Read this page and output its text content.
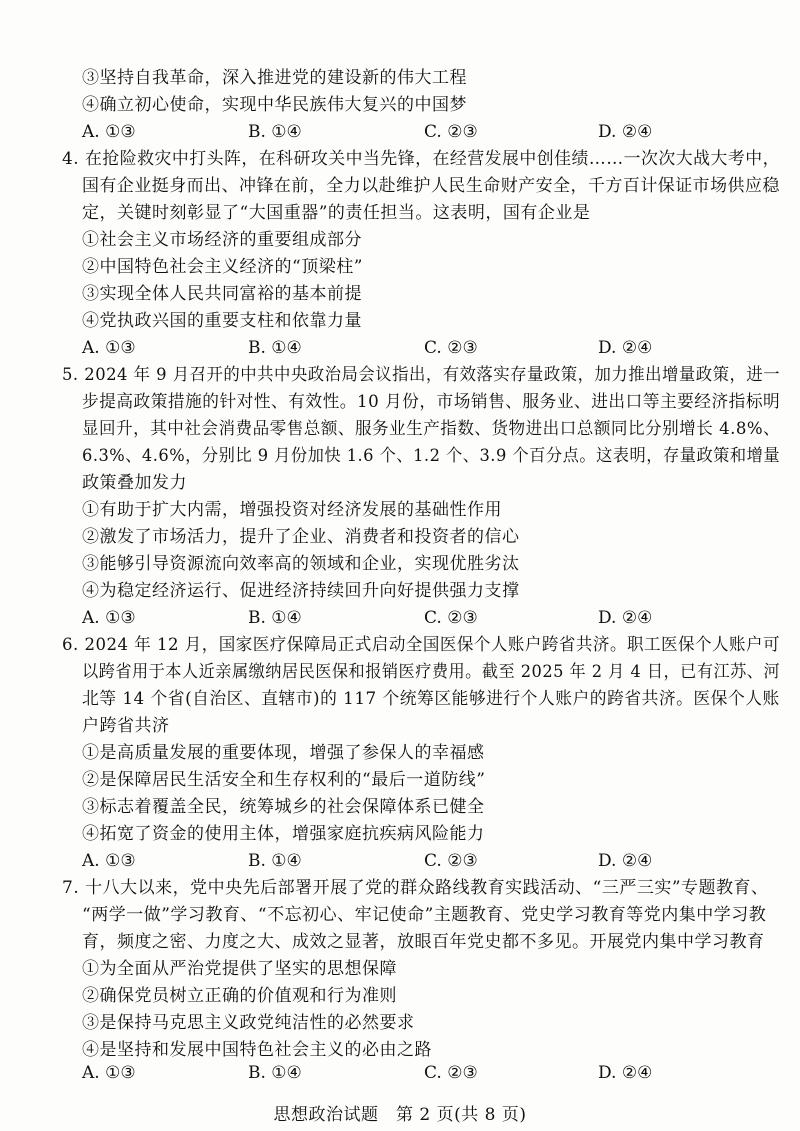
③坚持自我革命，深入推进党的建设新的伟大工程
④确立初心使命，实现中华民族伟大复兴的中国梦
A. ①③	B. ①④	C. ②③	D. ②④
4. 在抢险救灾中打头阵，在科研攻关中当先锋，在经营发展中创佳绩……一次次大战大考中，
国有企业挺身而出、冲锋在前，全力以赴维护人民生命财产安全，千方百计保证市场供应稳
定，关键时刻彰显了“大国重器”的责任担当。这表明，国有企业是
①社会主义市场经济的重要组成部分
②中国特色社会主义经济的“顶梁柱”
③实现全体人民共同富裕的基本前提
④党执政兴国的重要支柱和依靠力量
A. ①③	B. ①④	C. ②③	D. ②④
5. 2024 年 9 月召开的中共中央政治局会议指出，有效落实存量政策，加力推出增量政策，进一
步提高政策措施的针对性、有效性。10 月份，市场销售、服务业、进出口等主要经济指标明
显回升，其中社会消费品零售总额、服务业生产指数、货物进出口总额同比分别增长 4.8%、
6.3%、4.6%，分别比 9 月份加快 1.6 个、1.2 个、3.9 个百分点。这表明，存量政策和增量
政策叠加发力
①有助于扩大内需，增强投资对经济发展的基础性作用
②激发了市场活力，提升了企业、消费者和投资者的信心
③能够引导资源流向效率高的领域和企业，实现优胜劣汰
④为稳定经济运行、促进经济持续回升向好提供强力支撑
A. ①③	B. ①④	C. ②③	D. ②④
6. 2024 年 12 月，国家医疗保障局正式启动全国医保个人账户跨省共济。职工医保个人账户可
以跨省用于本人近亲属缴纳居民医保和报销医疗费用。截至 2025 年 2 月 4 日，已有江苏、河
北等 14 个省(自治区、直辖市)的 117 个统筹区能够进行个人账户的跨省共济。医保个人账
户跨省共济
①是高质量发展的重要体现，增强了参保人的幸福感
②是保障居民生活安全和生存权利的“最后一道防线”
③标志着覆盖全民，统筹城乡的社会保障体系已健全
④拓宽了资金的使用主体，增强家庭抗疾病风险能力
A. ①③	B. ①④	C. ②③	D. ②④
7. 十八大以来，党中央先后部署开展了党的群众路线教育实践活动、“三严三实”专题教育、
“两学一做”学习教育、“不忘初心、牢记使命”主题教育、党史学习教育等党内集中学习教
育，频度之密、力度之大、成效之显著，放眼百年党史都不多见。开展党内集中学习教育
①为全面从严治党提供了坚实的思想保障
②确保党员树立正确的价值观和行为准则
③是保持马克思主义政党纯洁性的必然要求
④是坚持和发展中国特色社会主义的必由之路
A. ①③	B. ①④	C. ②③	D. ②④
思想政治试题　第 2 页(共 8 页)
